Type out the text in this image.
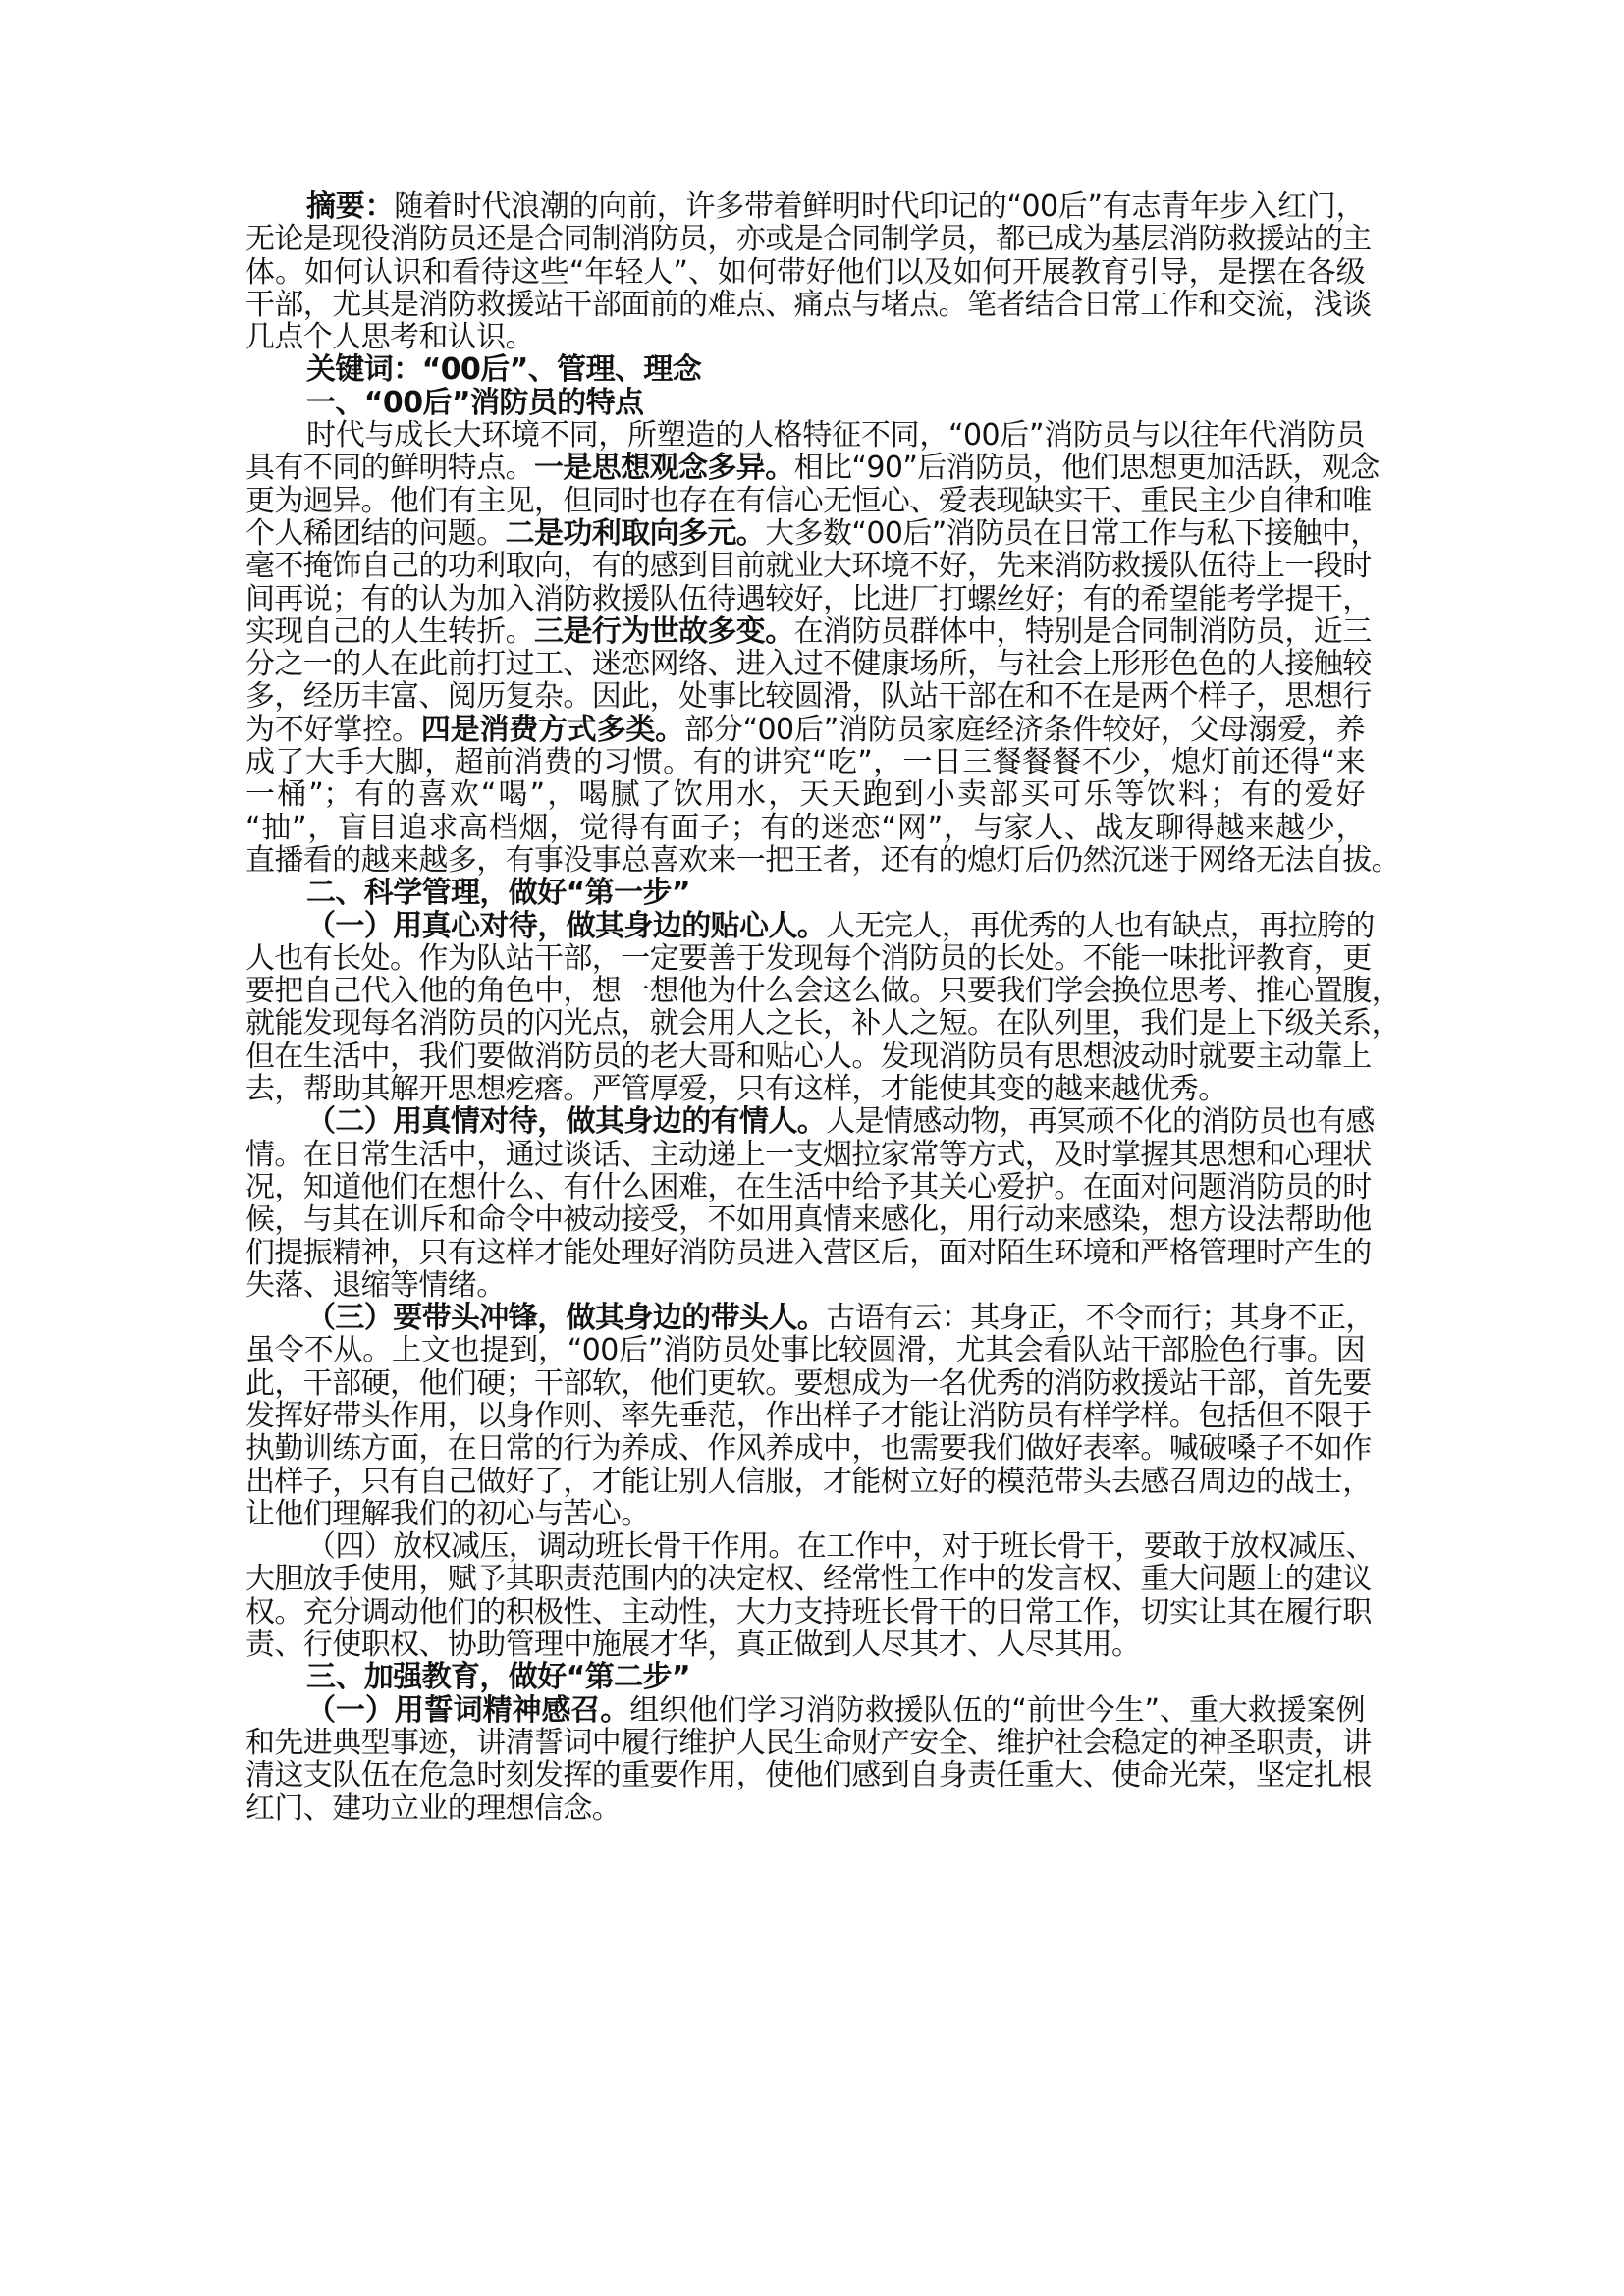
摘要：随着时代浪潮的向前，许多带着鲜明时代印记的“00后”有志青年步入红门，
无论是现役消防员还是合同制消防员，亦或是合同制学员，都已成为基层消防救援站的主
体。如何认识和看待这些“年轻人”、如何带好他们以及如何开展教育引导，是摆在各级
干部，尤其是消防救援站干部面前的难点、痛点与堵点。笔者结合日常工作和交流，浅谈
几点个人思考和认识。
关键词：“00后”、管理、理念
一、“00后”消防员的特点
时代与成长大环境不同，所塑造的人格特征不同，“00后”消防员与以往年代消防员
具有不同的鲜明特点。一是思想观念多异。相比“90”后消防员，他们思想更加活跃，观念
更为迥异。他们有主见，但同时也存在有信心无恒心、爱表现缺实干、重民主少自律和唯
个人稀团结的问题。二是功利取向多元。大多数“00后”消防员在日常工作与私下接触中，
毫不掩饰自己的功利取向，有的感到目前就业大环境不好，先来消防救援队伍待上一段时
间再说；有的认为加入消防救援队伍待遇较好，比进厂打螺丝好；有的希望能考学提干，
实现自己的人生转折。三是行为世故多变。在消防员群体中，特别是合同制消防员，近三
分之一的人在此前打过工、迷恋网络、进入过不健康场所，与社会上形形色色的人接触较
多，经历丰富、阅历复杂。因此，处事比较圆滑，队站干部在和不在是两个样子，思想行
为不好掌控。四是消费方式多类。部分“00后”消防员家庭经济条件较好，父母溺爱，养
成了大手大脚，超前消费的习惯。有的讲究“吃”，一日三餐餐餐不少，熄灯前还得“来
一桶”；有的喜欢“喝”，喝腻了饮用水，天天跑到小卖部买可乐等饮料；有的爱好
“抽”，盲目追求高档烟，觉得有面子；有的迷恋“网”，与家人、战友聊得越来越少，
直播看的越来越多，有事没事总喜欢来一把王者，还有的熄灯后仍然沉迷于网络无法自拔。
二、科学管理，做好“第一步”
（一）用真心对待，做其身边的贴心人。人无完人，再优秀的人也有缺点，再拉胯的
人也有长处。作为队站干部，一定要善于发现每个消防员的长处。不能一味批评教育，更
要把自己代入他的角色中，想一想他为什么会这么做。只要我们学会换位思考、推心置腹，
就能发现每名消防员的闪光点，就会用人之长，补人之短。在队列里，我们是上下级关系，
但在生活中，我们要做消防员的老大哥和贴心人。发现消防员有思想波动时就要主动靠上
去，帮助其解开思想疙瘩。严管厚爱，只有这样，才能使其变的越来越优秀。
（二）用真情对待，做其身边的有情人。人是情感动物，再冥顽不化的消防员也有感
情。在日常生活中，通过谈话、主动递上一支烟拉家常等方式，及时掌握其思想和心理状
况，知道他们在想什么、有什么困难，在生活中给予其关心爱护。在面对问题消防员的时
候，与其在训斥和命令中被动接受，不如用真情来感化，用行动来感染，想方设法帮助他
们提振精神，只有这样才能处理好消防员进入营区后，面对陌生环境和严格管理时产生的
失落、退缩等情绪。
（三）要带头冲锋，做其身边的带头人。古语有云：其身正，不令而行；其身不正，
虽令不从。上文也提到，“00后”消防员处事比较圆滑，尤其会看队站干部脸色行事。因
此，干部硬，他们硬；干部软，他们更软。要想成为一名优秀的消防救援站干部，首先要
发挥好带头作用，以身作则、率先垂范，作出样子才能让消防员有样学样。包括但不限于
执勤训练方面，在日常的行为养成、作风养成中，也需要我们做好表率。喊破嗓子不如作
出样子，只有自己做好了，才能让别人信服，才能树立好的模范带头去感召周边的战士，
让他们理解我们的初心与苦心。
（四）放权减压，调动班长骨干作用。在工作中，对于班长骨干，要敢于放权减压、
大胆放手使用，赋予其职责范围内的决定权、经常性工作中的发言权、重大问题上的建议
权。充分调动他们的积极性、主动性，大力支持班长骨干的日常工作，切实让其在履行职
责、行使职权、协助管理中施展才华，真正做到人尽其才、人尽其用。
三、加强教育，做好“第二步”
（一）用誓词精神感召。组织他们学习消防救援队伍的“前世今生”、重大救援案例
和先进典型事迹，讲清誓词中履行维护人民生命财产安全、维护社会稳定的神圣职责，讲
清这支队伍在危急时刻发挥的重要作用，使他们感到自身责任重大、使命光荣，坚定扎根
红门、建功立业的理想信念。
